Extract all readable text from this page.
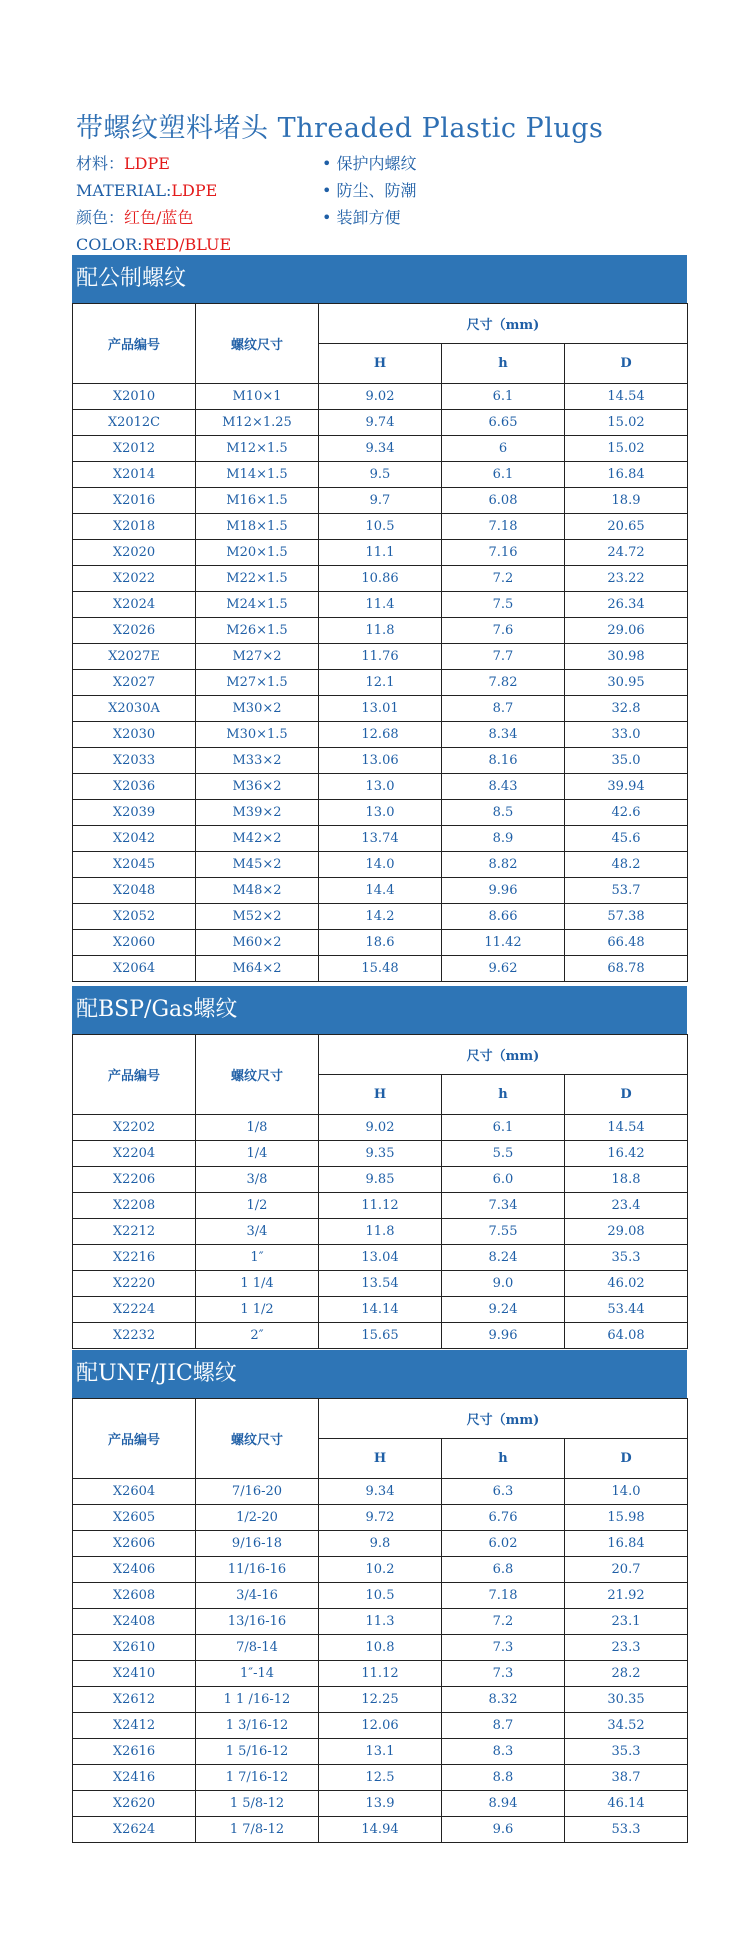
带螺纹塑料堵头 Threaded Plastic Plugs
材料：LDPE	• 保护内螺纹
MATERIAL:LDPE	• 防尘、防潮
颜色：红色/蓝色	• 装卸方便
COLOR:RED/BLUE
配公制螺纹
产品编号	螺纹尺寸	尺寸（mm)		
		H	h	D
X2010	M10×1	9.02	6.1	14.54
X2012C	M12×1.25	9.74	6.65	15.02
X2012	M12×1.5	9.34	6	15.02
X2014	M14×1.5	9.5	6.1	16.84
X2016	M16×1.5	9.7	6.08	18.9
X2018	M18×1.5	10.5	7.18	20.65
X2020	M20×1.5	11.1	7.16	24.72
X2022	M22×1.5	10.86	7.2	23.22
X2024	M24×1.5	11.4	7.5	26.34
X2026	M26×1.5	11.8	7.6	29.06
X2027E	M27×2	11.76	7.7	30.98
X2027	M27×1.5	12.1	7.82	30.95
X2030A	M30×2	13.01	8.7	32.8
X2030	M30×1.5	12.68	8.34	33.0
X2033	M33×2	13.06	8.16	35.0
X2036	M36×2	13.0	8.43	39.94
X2039	M39×2	13.0	8.5	42.6
X2042	M42×2	13.74	8.9	45.6
X2045	M45×2	14.0	8.82	48.2
X2048	M48×2	14.4	9.96	53.7
X2052	M52×2	14.2	8.66	57.38
X2060	M60×2	18.6	11.42	66.48
X2064	M64×2	15.48	9.62	68.78
配BSP/Gas螺纹
产品编号	螺纹尺寸	尺寸（mm)		
		H	h	D
X2202	1/8	9.02	6.1	14.54
X2204	1/4	9.35	5.5	16.42
X2206	3/8	9.85	6.0	18.8
X2208	1/2	11.12	7.34	23.4
X2212	3/4	11.8	7.55	29.08
X2216	1″	13.04	8.24	35.3
X2220	1 1/4	13.54	9.0	46.02
X2224	1 1/2	14.14	9.24	53.44
X2232	2″	15.65	9.96	64.08
配UNF/JIC螺纹
产品编号	螺纹尺寸	尺寸（mm)		
		H	h	D
X2604	7/16-20	9.34	6.3	14.0
X2605	1/2-20	9.72	6.76	15.98
X2606	9/16-18	9.8	6.02	16.84
X2406	11/16-16	10.2	6.8	20.7
X2608	3/4-16	10.5	7.18	21.92
X2408	13/16-16	11.3	7.2	23.1
X2610	7/8-14	10.8	7.3	23.3
X2410	1″-14	11.12	7.3	28.2
X2612	1 1 /16-12	12.25	8.32	30.35
X2412	1 3/16-12	12.06	8.7	34.52
X2616	1 5/16-12	13.1	8.3	35.3
X2416	1 7/16-12	12.5	8.8	38.7
X2620	1 5/8-12	13.9	8.94	46.14
X2624	1 7/8-12	14.94	9.6	53.3
